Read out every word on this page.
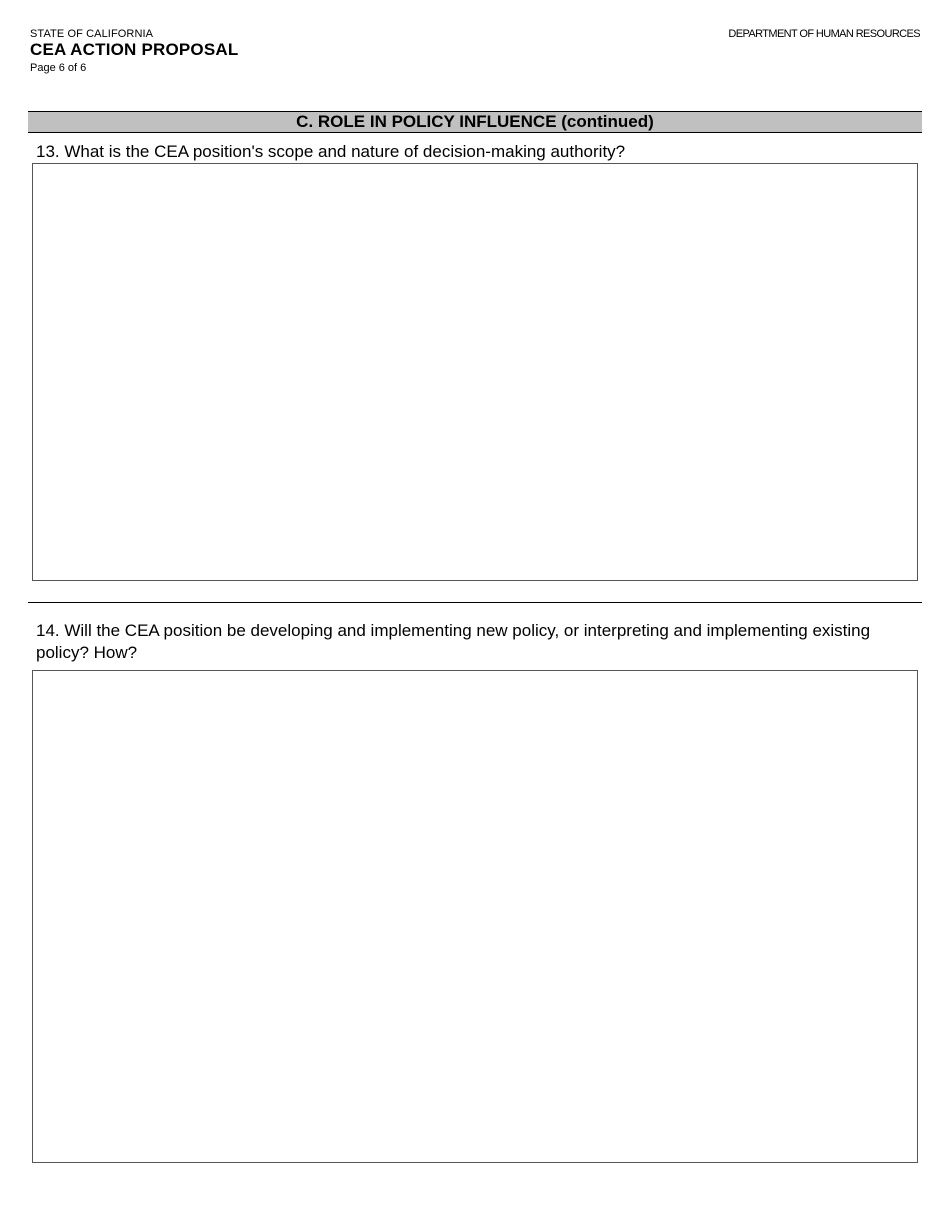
STATE OF CALIFORNIA
CEA ACTION PROPOSAL
Page 6 of 6
DEPARTMENT OF HUMAN RESOURCES
C. ROLE IN POLICY INFLUENCE (continued)
13. What is the CEA position's scope and nature of decision-making authority?
14. Will the CEA position be developing and implementing new policy, or interpreting and implementing existing policy? How?
